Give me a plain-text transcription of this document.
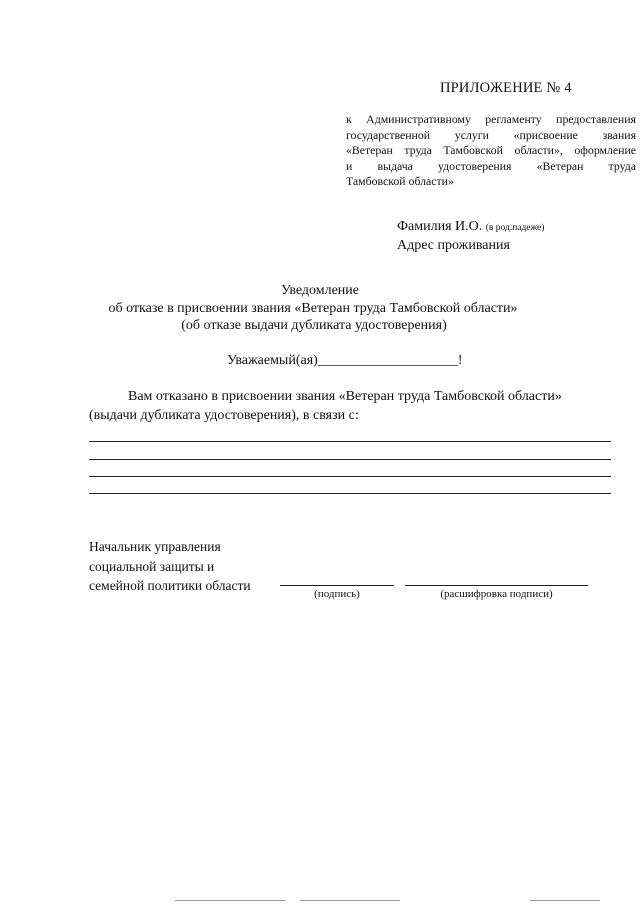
ПРИЛОЖЕНИЕ № 4
к Административному регламенту предоставления
государственной услуги «присвоение звания
«Ветеран труда Тамбовской области», оформление
и выдача удостоверения «Ветеран труда
Тамбовской области»
Фамилия И.О. (в род.падеже)
Адрес проживания
Уведомление
об отказе в присвоении звания «Ветеран труда Тамбовской области»
(об отказе выдачи дубликата удостоверения)
Уважаемый(ая)____________________!
Вам отказано в присвоении звания «Ветеран труда Тамбовской области»
(выдачи дубликата удостоверения), в связи с:
Начальник управления
социальной защиты и
семейной политики области
(подпись)	(расшифровка подписи)
